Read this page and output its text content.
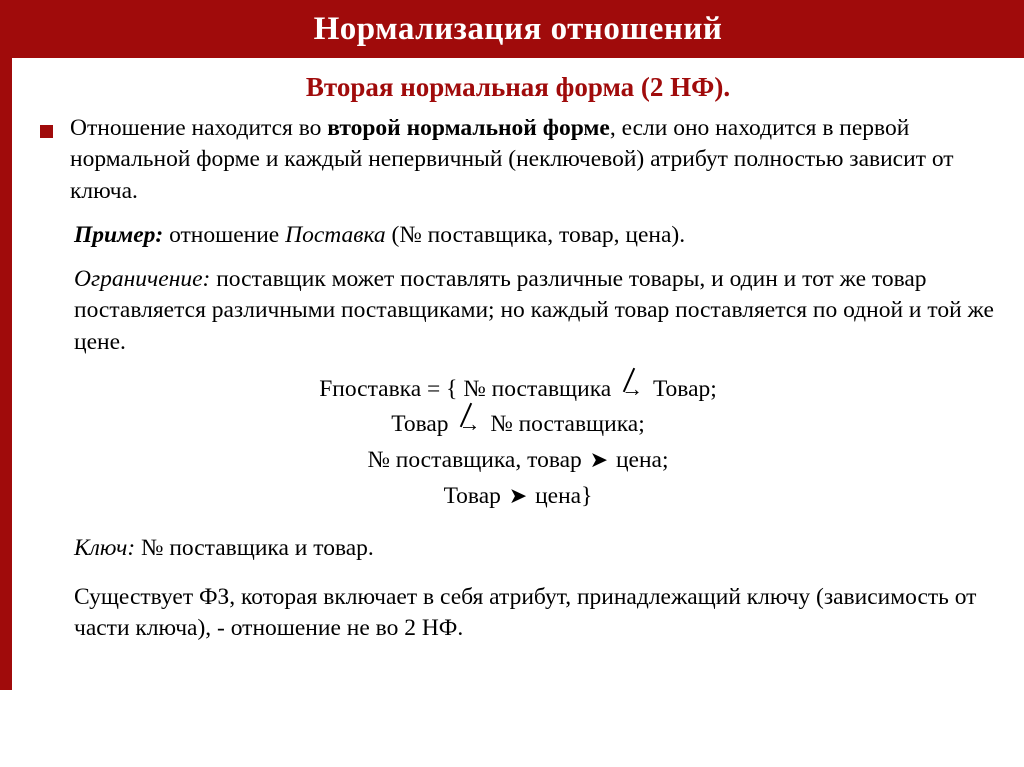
Нормализация отношений
Вторая нормальная форма (2 НФ).
Отношение находится во второй нормальной форме, если оно находится в первой нормальной форме и каждый непервичный (неключевой) атрибут полностью зависит от ключа.
Пример: отношение Поставка (№ поставщика, товар, цена).
Ограничение: поставщик может поставлять различные товары, и один и тот же товар поставляется различными поставщиками; но каждый товар поставляется по одной и той же цене.
Fпоставка = { № поставщика → Товар;
Товар → № поставщика;
№ поставщика, товар ➤ цена;
Товар ➤ цена}
Ключ: № поставщика и товар.
Существует ФЗ, которая включает в себя атрибут, принадлежащий ключу (зависимость от части ключа), - отношение не во 2 НФ.
